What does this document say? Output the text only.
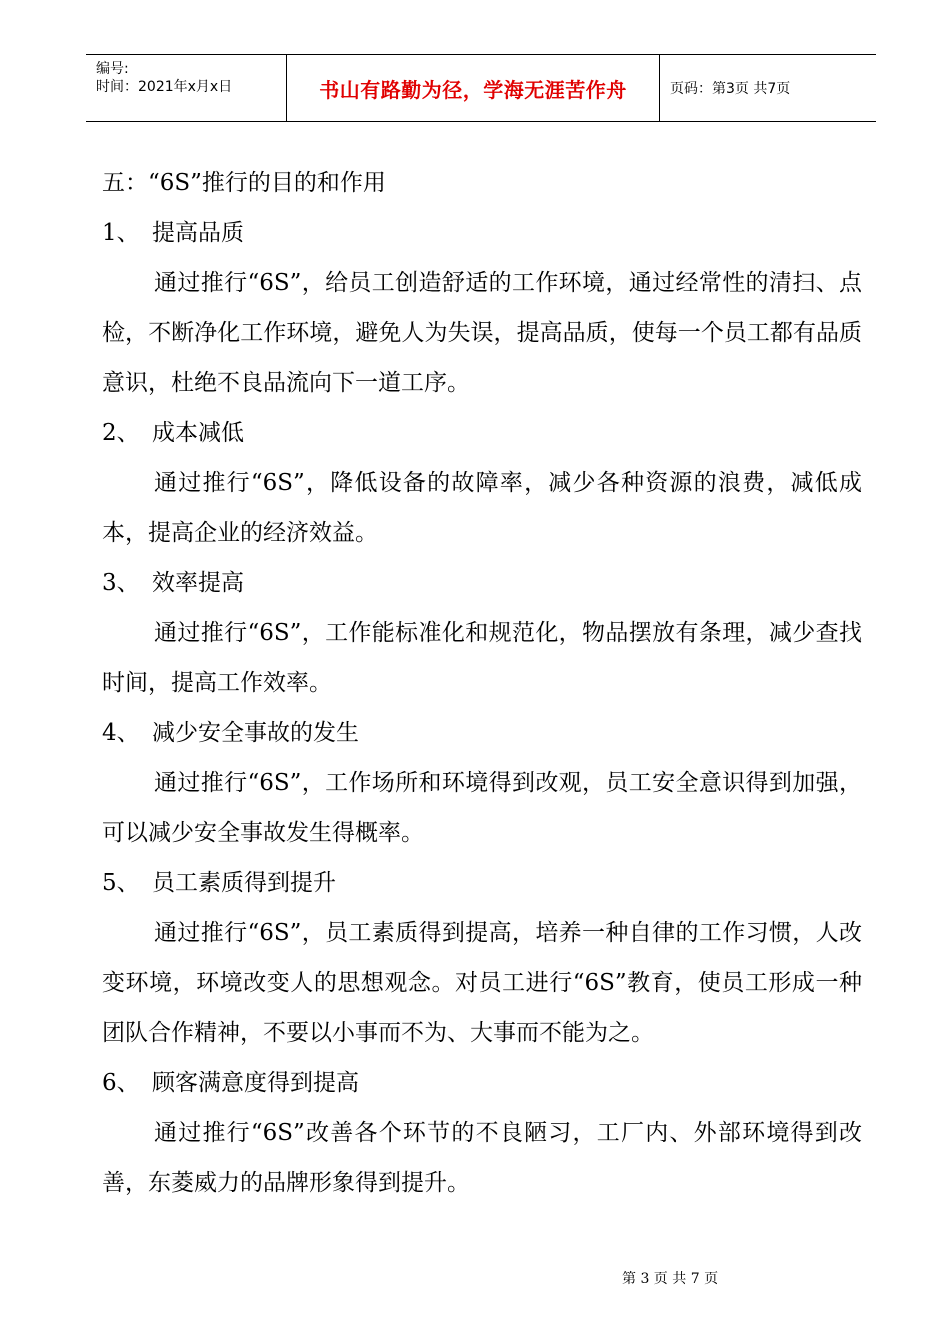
编号:
时间：2021年x月x日	书山有路勤为径，学海无涯苦作舟	页码：第3页 共7页
五：“6S”推行的目的和作用
1、 提高品质
通过推行“6S”，给员工创造舒适的工作环境，通过经常性的清扫、点检，不断净化工作环境，避免人为失误，提高品质，使每一个员工都有品质意识，杜绝不良品流向下一道工序。
2、 成本减低
通过推行“6S”，降低设备的故障率，减少各种资源的浪费，减低成本，提高企业的经济效益。
3、 效率提高
通过推行“6S”，工作能标准化和规范化，物品摆放有条理，减少查找时间，提高工作效率。
4、 减少安全事故的发生
通过推行“6S”，工作场所和环境得到改观，员工安全意识得到加强，可以减少安全事故发生得概率。
5、 员工素质得到提升
通过推行“6S”，员工素质得到提高，培养一种自律的工作习惯，人改变环境，环境改变人的思想观念。对员工进行“6S”教育，使员工形成一种团队合作精神，不要以小事而不为、大事而不能为之。
6、 顾客满意度得到提高
通过推行“6S”改善各个环节的不良陋习，工厂内、外部环境得到改善，东菱威力的品牌形象得到提升。
第 3 页 共 7 页
